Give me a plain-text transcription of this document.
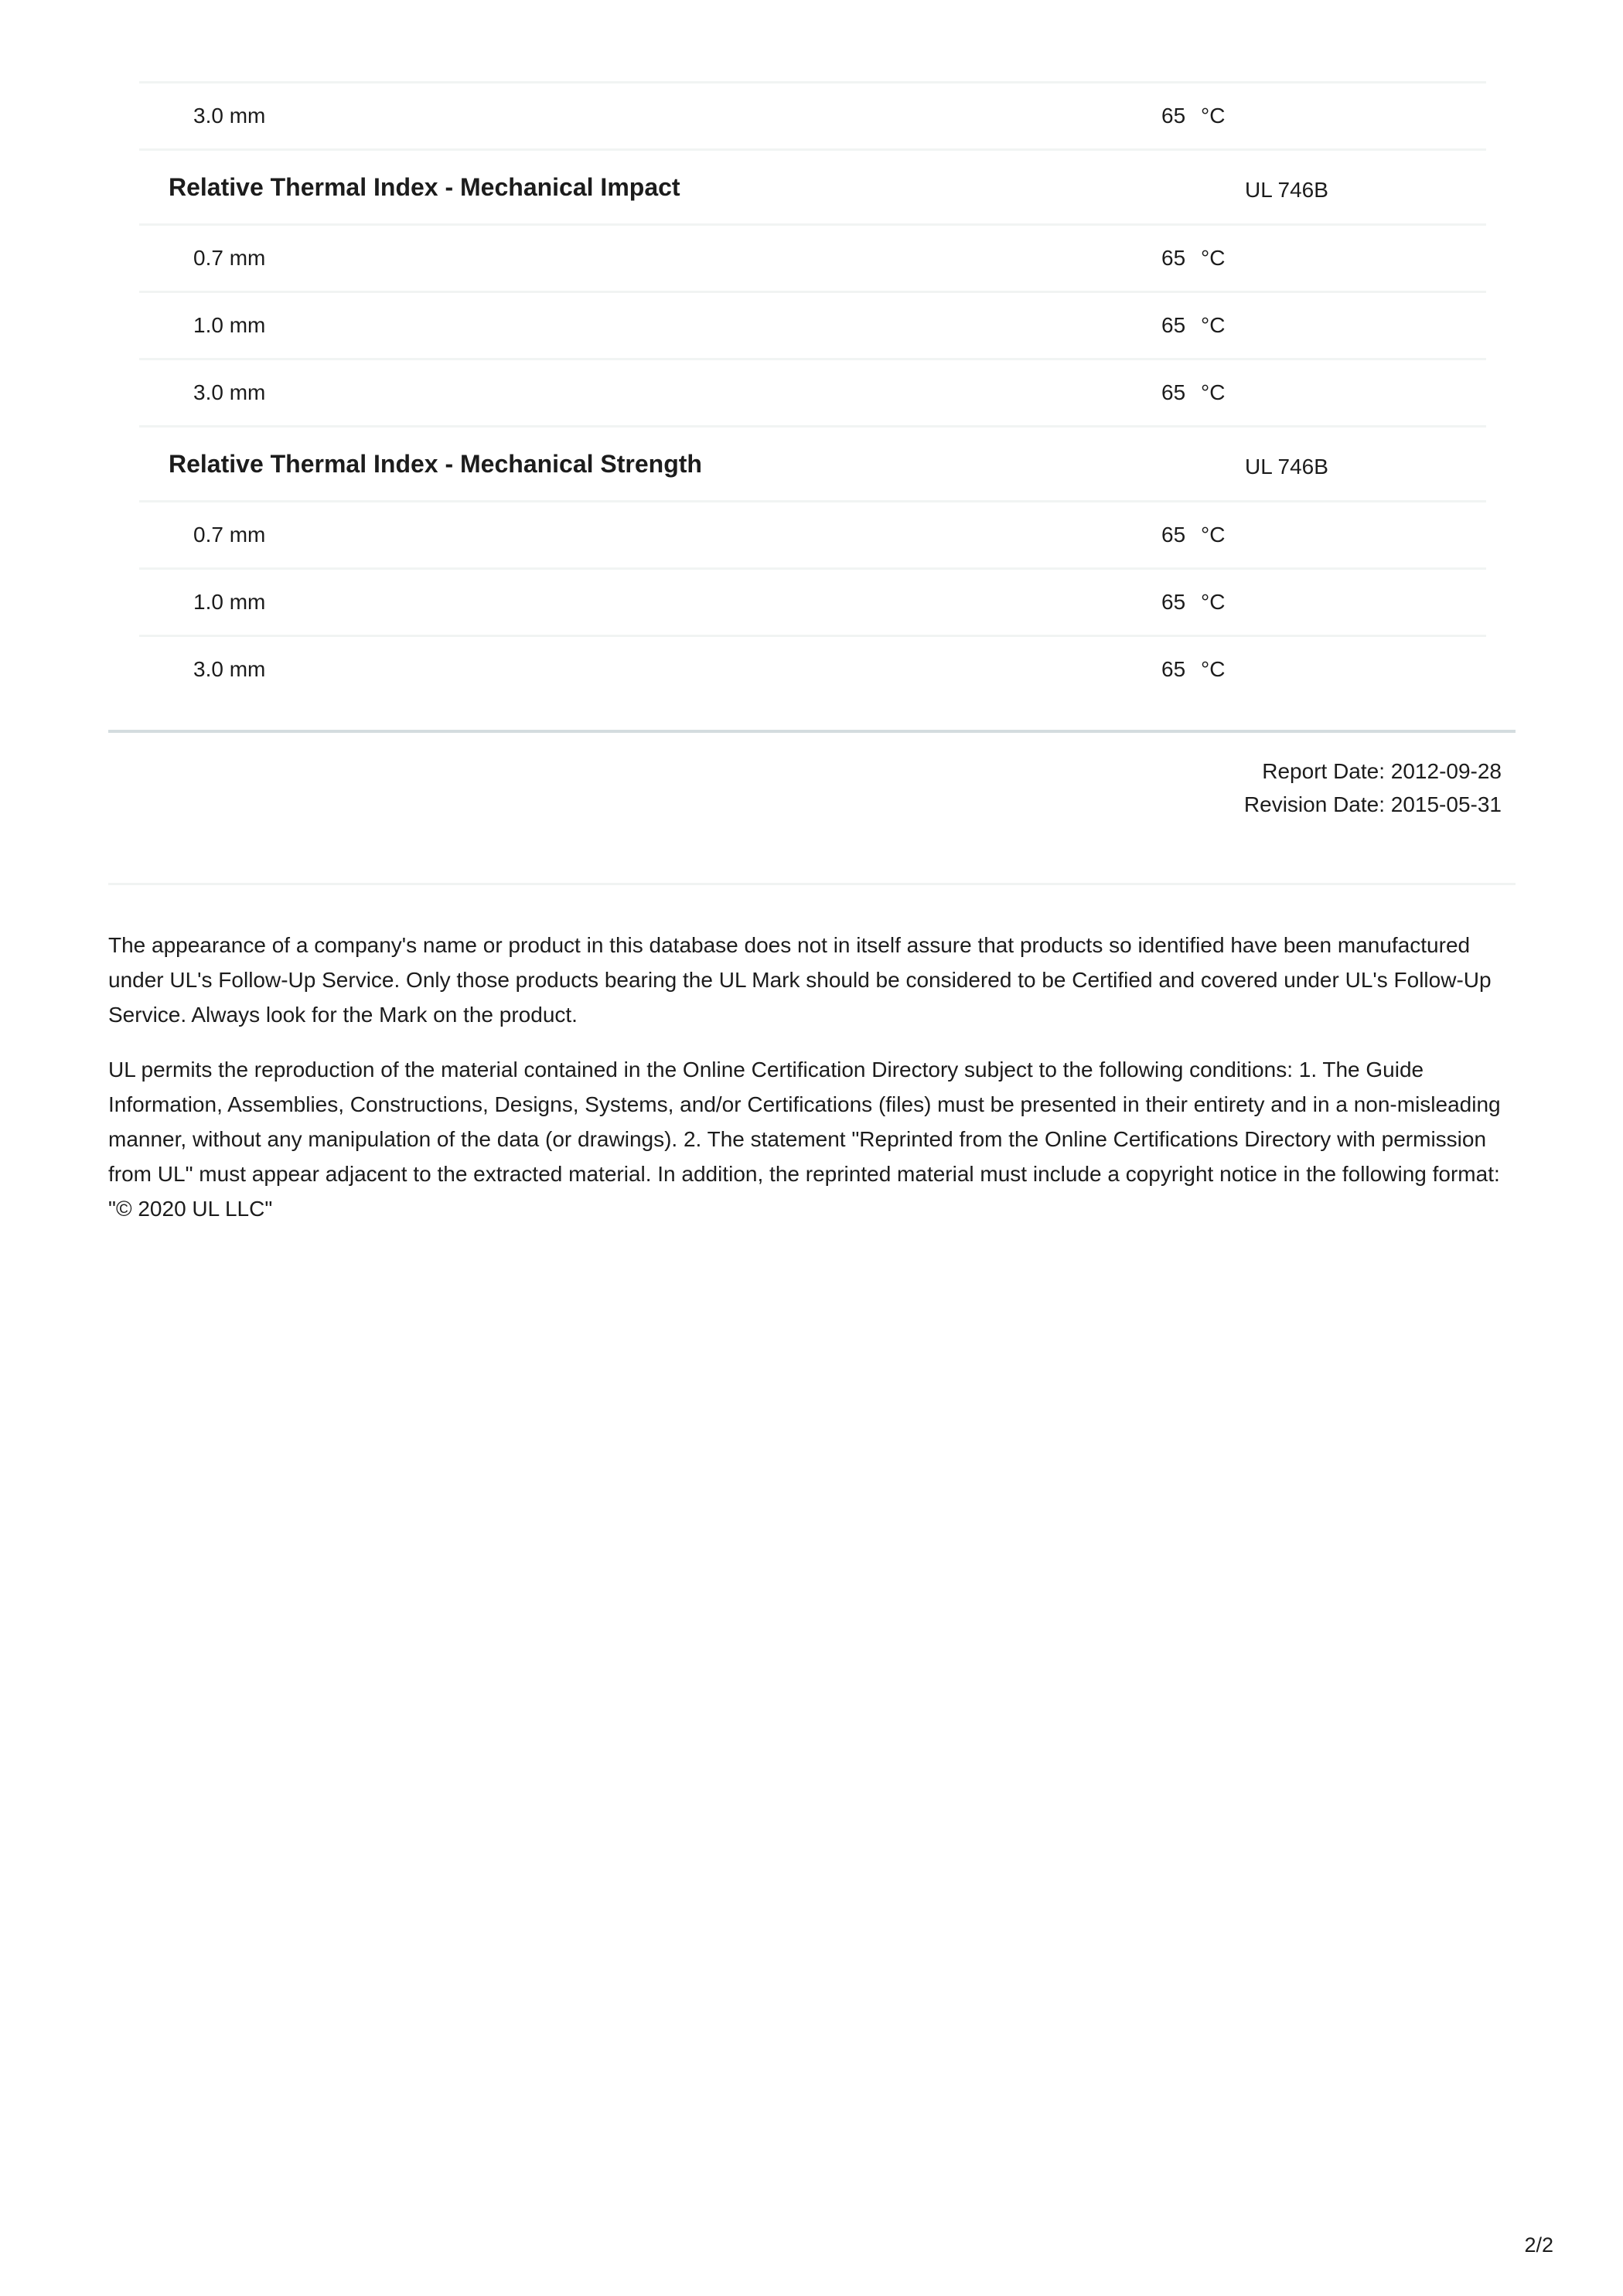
3.0 mm	65 °C
Relative Thermal Index - Mechanical Impact	UL 746B
0.7 mm	65 °C
1.0 mm	65 °C
3.0 mm	65 °C
Relative Thermal Index - Mechanical Strength	UL 746B
0.7 mm	65 °C
1.0 mm	65 °C
3.0 mm	65 °C
Report Date: 2012-09-28
Revision Date: 2015-05-31

The appearance of a company's name or product in this database does not in itself assure that products so identified have been manufactured under UL's Follow-Up Service. Only those products bearing the UL Mark should be considered to be Certified and covered under UL's Follow-Up Service. Always look for the Mark on the product.

UL permits the reproduction of the material contained in the Online Certification Directory subject to the following conditions: 1. The Guide Information, Assemblies, Constructions, Designs, Systems, and/or Certifications (files) must be presented in their entirety and in a non-misleading manner, without any manipulation of the data (or drawings). 2. The statement "Reprinted from the Online Certifications Directory with permission from UL" must appear adjacent to the extracted material. In addition, the reprinted material must include a copyright notice in the following format: "© 2020 UL LLC"

2/2
